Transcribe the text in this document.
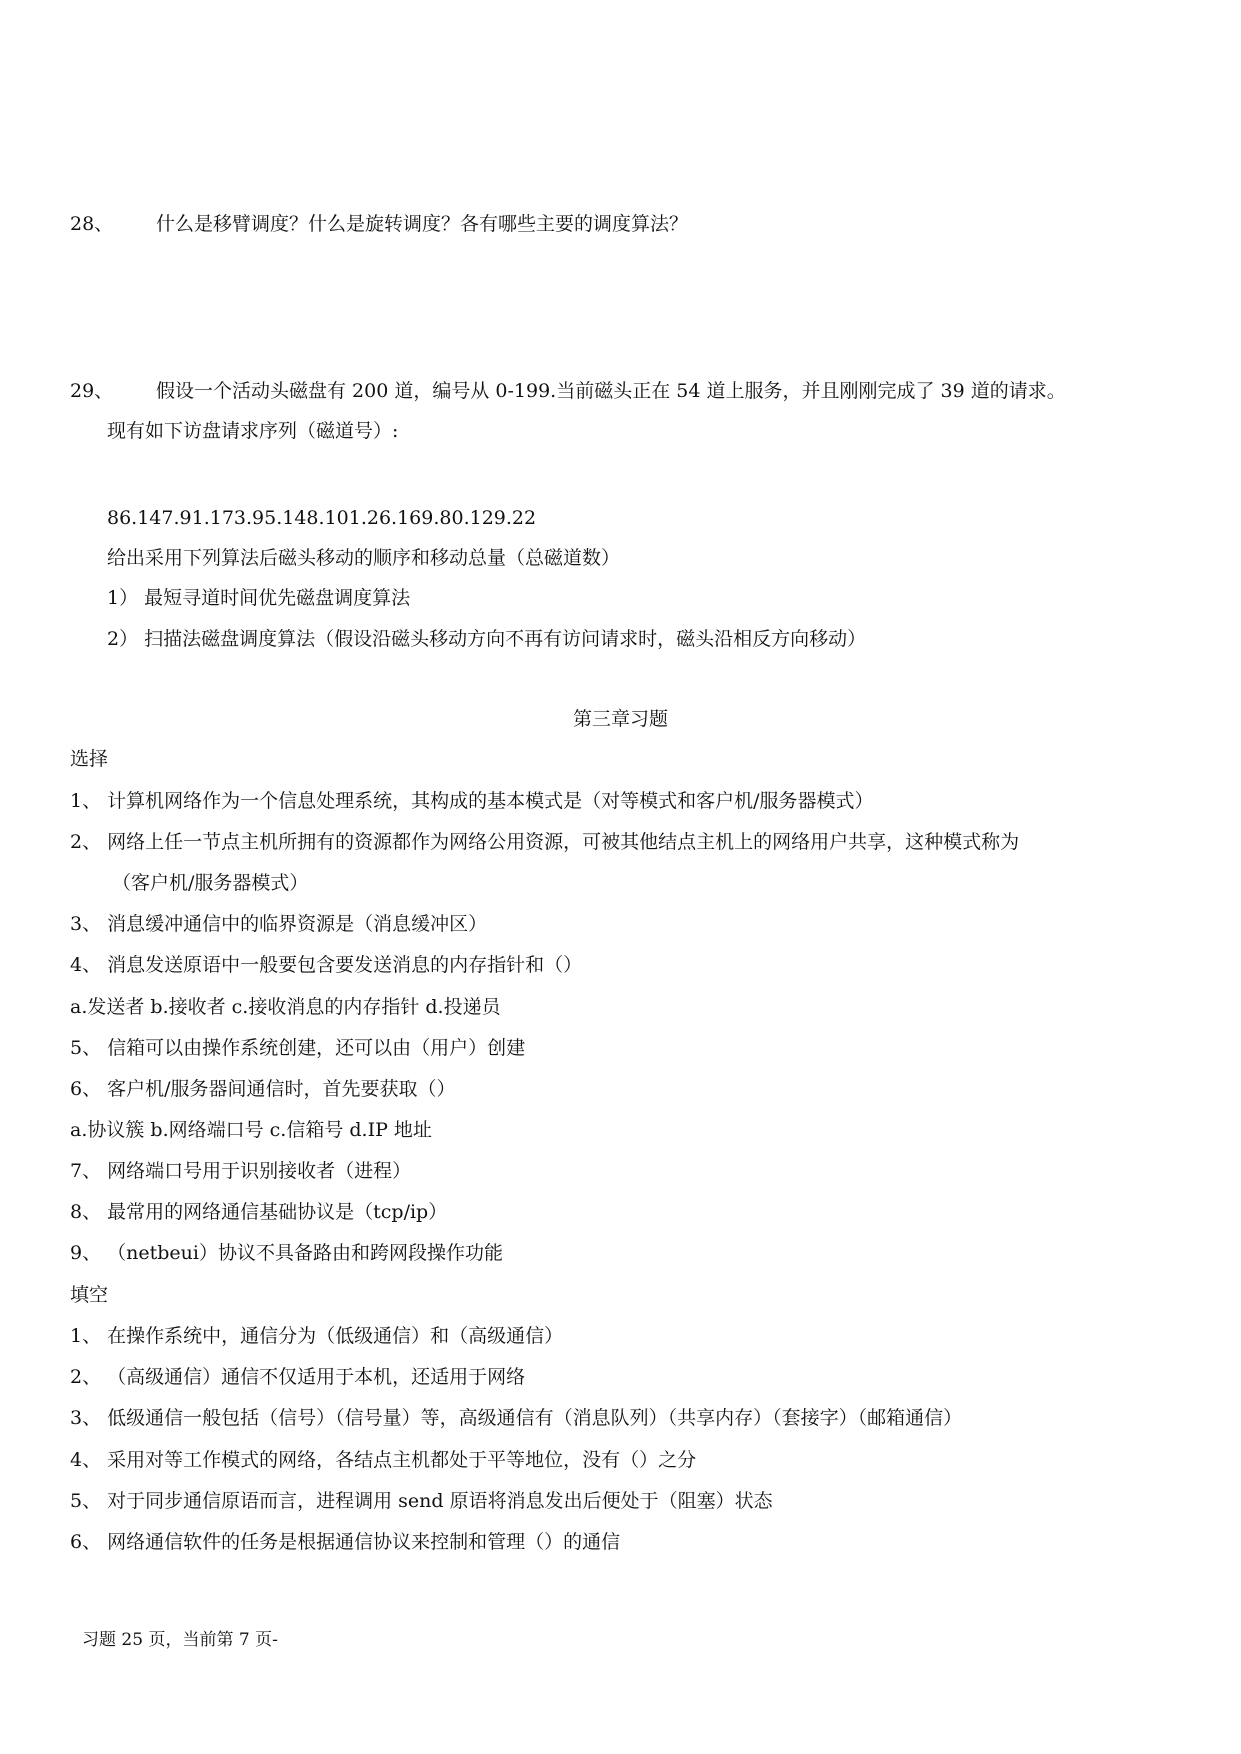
28、 什么是移臂调度？什么是旋转调度？各有哪些主要的调度算法？
29、 假设一个活动头磁盘有 200 道，编号从 0-199.当前磁头正在 54 道上服务，并且刚刚完成了 39 道的请求。
现有如下访盘请求序列（磁道号）:
86.147.91.173.95.148.101.26.169.80.129.22
给出采用下列算法后磁头移动的顺序和移动总量（总磁道数）
1） 最短寻道时间优先磁盘调度算法
2） 扫描法磁盘调度算法（假设沿磁头移动方向不再有访问请求时，磁头沿相反方向移动）
第三章习题
选择
1、 计算机网络作为一个信息处理系统，其构成的基本模式是（对等模式和客户机/服务器模式）
2、 网络上任一节点主机所拥有的资源都作为网络公用资源，可被其他结点主机上的网络用户共享，这种模式称为
（客户机/服务器模式）
3、 消息缓冲通信中的临界资源是（消息缓冲区）
4、 消息发送原语中一般要包含要发送消息的内存指针和（）
a.发送者 b.接收者 c.接收消息的内存指针 d.投递员
5、 信箱可以由操作系统创建，还可以由（用户）创建
6、 客户机/服务器间通信时，首先要获取（）
a.协议簇 b.网络端口号 c.信箱号 d.IP 地址
7、 网络端口号用于识别接收者（进程）
8、 最常用的网络通信基础协议是（tcp/ip）
9、 （netbeui）协议不具备路由和跨网段操作功能
填空
1、 在操作系统中，通信分为（低级通信）和（高级通信）
2、 （高级通信）通信不仅适用于本机，还适用于网络
3、 低级通信一般包括（信号）（信号量）等，高级通信有（消息队列）（共享内存）（套接字）（邮箱通信）
4、 采用对等工作模式的网络，各结点主机都处于平等地位，没有（）之分
5、 对于同步通信原语而言，进程调用 send 原语将消息发出后便处于（阻塞）状态
6、 网络通信软件的任务是根据通信协议来控制和管理（）的通信
习题 25 页，当前第 7 页-
